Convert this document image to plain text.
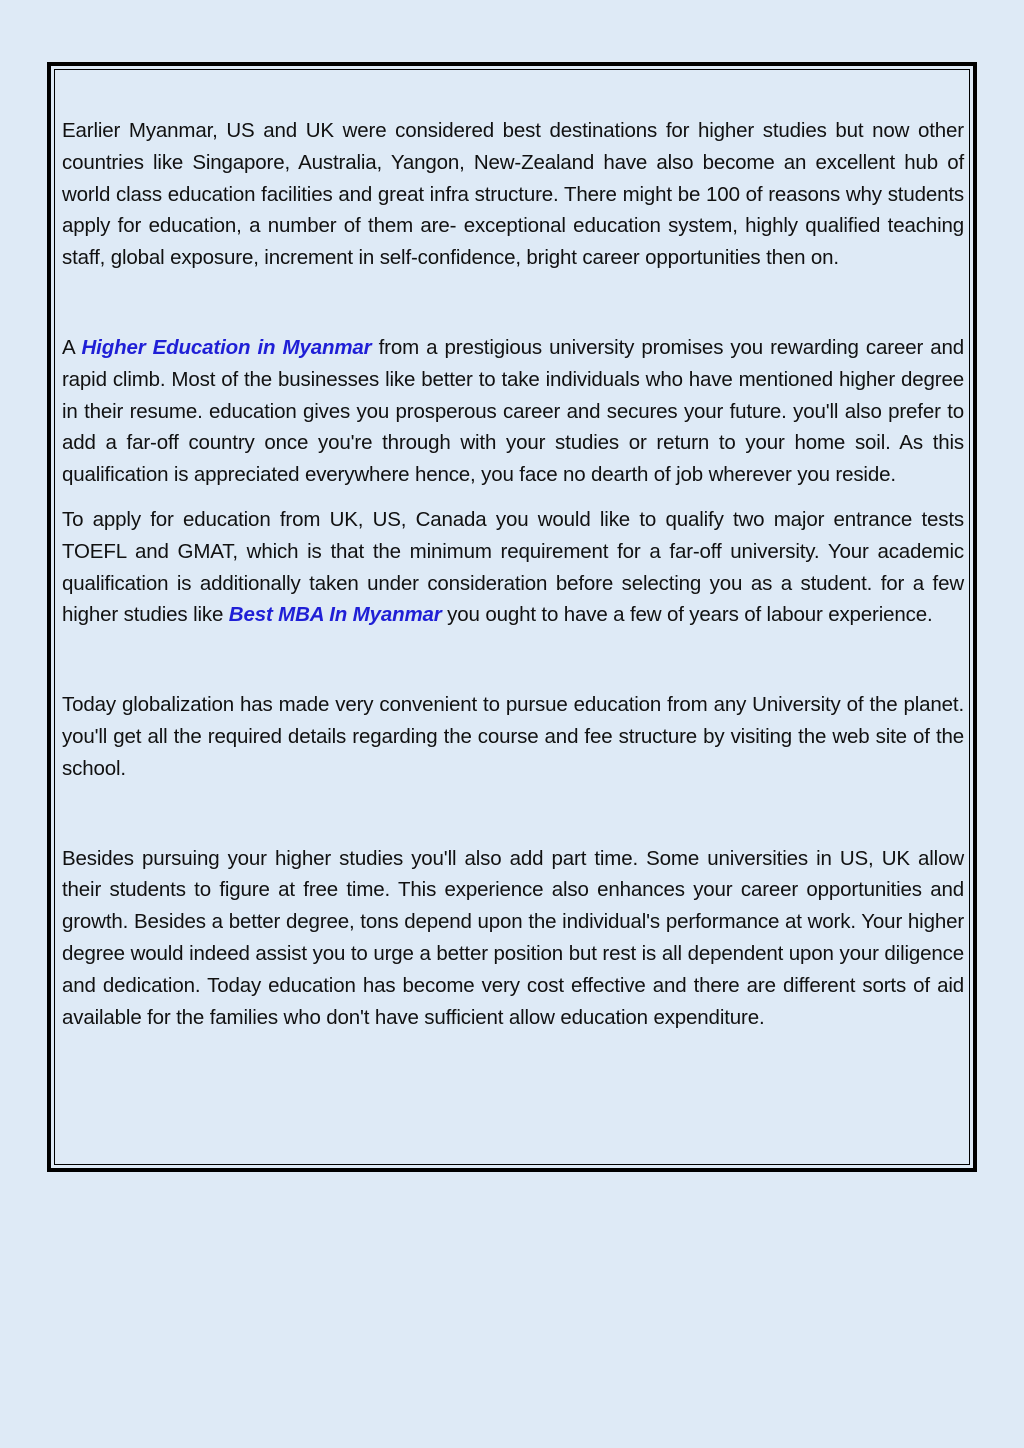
Earlier Myanmar, US and UK were considered best destinations for higher studies but now other countries like Singapore, Australia, Yangon, New-Zealand have also become an excellent hub of world class education facilities and great infra structure. There might be 100 of reasons why students apply for education, a number of them are- exceptional education system, highly qualified teaching staff, global exposure, increment in self-confidence, bright career opportunities then on.

A Higher Education in Myanmar from a prestigious university promises you rewarding career and rapid climb. Most of the businesses like better to take individuals who have mentioned higher degree in their resume. education gives you prosperous career and secures your future. you'll also prefer to add a far-off country once you're through with your studies or return to your home soil. As this qualification is appreciated everywhere hence, you face no dearth of job wherever you reside.

To apply for education from UK, US, Canada you would like to qualify two major entrance tests TOEFL and GMAT, which is that the minimum requirement for a far-off university. Your academic qualification is additionally taken under consideration before selecting you as a student. for a few higher studies like Best MBA In Myanmar you ought to have a few of years of labour experience.

Today globalization has made very convenient to pursue education from any University of the planet. you'll get all the required details regarding the course and fee structure by visiting the web site of the school.

Besides pursuing your higher studies you'll also add part time. Some universities in US, UK allow their students to figure at free time. This experience also enhances your career opportunities and growth. Besides a better degree, tons depend upon the individual's performance at work. Your higher degree would indeed assist you to urge a better position but rest is all dependent upon your diligence and dedication. Today education has become very cost effective and there are different sorts of aid available for the families who don't have sufficient allow education expenditure.
